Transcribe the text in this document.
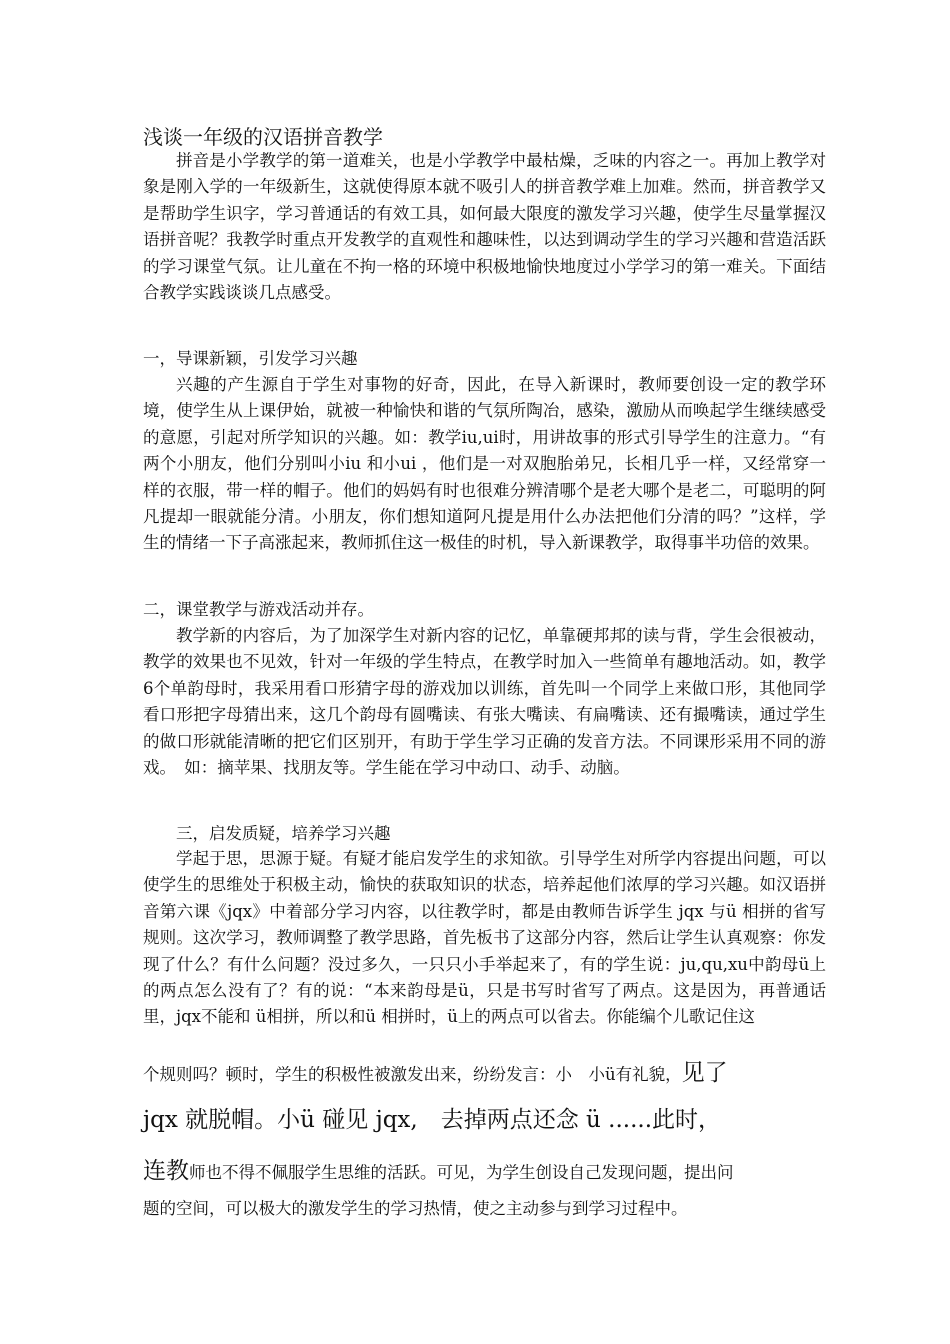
浅谈一年级的汉语拼音教学

拼音是小学教学的第一道难关，也是小学教学中最枯燥，乏味的内容之一。再加上教学对象是刚入学的一年级新生，这就使得原本就不吸引人的拼音教学难上加难。然而，拼音教学又是帮助学生识字，学习普通话的有效工具，如何最大限度的激发学习兴趣，使学生尽量掌握汉语拼音呢？我教学时重点开发教学的直观性和趣味性，以达到调动学生的学习兴趣和营造活跃的学习课堂气氛。让儿童在不拘一格的环境中积极地愉快地度过小学学习的第一难关。下面结合教学实践谈谈几点感受。

一，导课新颖，引发学习兴趣

兴趣的产生源自于学生对事物的好奇，因此，在导入新课时，教师要创设一定的教学环境，使学生从上课伊始，就被一种愉快和谐的气氛所陶冶，感染，激励从而唤起学生继续感受的意愿，引起对所学知识的兴趣。如：教学iu,ui时，用讲故事的形式引导学生的注意力。“有两个小朋友，他们分别叫小iu 和小ui ，他们是一对双胞胎弟兄，长相几乎一样，又经常穿一样的衣服，带一样的帽子。他们的妈妈有时也很难分辨清哪个是老大哪个是老二，可聪明的阿凡提却一眼就能分清。小朋友，你们想知道阿凡提是用什么办法把他们分清的吗？”这样，学生的情绪一下子高涨起来，教师抓住这一极佳的时机，导入新课教学，取得事半功倍的效果。

二，课堂教学与游戏活动并存。

教学新的内容后，为了加深学生对新内容的记忆，单靠硬邦邦的读与背，学生会很被动，教学的效果也不见效，针对一年级的学生特点，在教学时加入一些简单有趣地活动。如，教学6个单韵母时，我采用看口形猜字母的游戏加以训练，首先叫一个同学上来做口形，其他同学看口形把字母猜出来，这几个韵母有圆嘴读、有张大嘴读、有扁嘴读、还有撮嘴读，通过学生的做口形就能清晰的把它们区别开，有助于学生学习正确的发音方法。不同课形采用不同的游戏。　如：摘苹果、找朋友等。学生能在学习中动口、动手、动脑。

三，启发质疑，培养学习兴趣

学起于思，思源于疑。有疑才能启发学生的求知欲。引导学生对所学内容提出问题，可以使学生的思维处于积极主动，愉快的获取知识的状态，培养起他们浓厚的学习兴趣。如汉语拼音第六课《jqx》中着部分学习内容，以往教学时，都是由教师告诉学生 jqx 与ü 相拼的省写规则。这次学习，教师调整了教学思路，首先板书了这部分内容，然后让学生认真观察：你发现了什么？有什么问题？没过多久，一只只小手举起来了，有的学生说：ju,qu,xu中韵母ü上的两点怎么没有了？有的说：“本来韵母是ü，只是书写时省写了两点。这是因为，再普通话里，jqx不能和 ü相拼，所以和ü 相拼时，ü上的两点可以省去。你能编个儿歌记住这

个规则吗？顿时，学生的积极性被激发出来，纷纷发言：小　小ü有礼貌，见了
jqx 就脱帽。小ü 碰见 jqx,　去掉两点还念 ü ......此时，
连教师也不得不佩服学生思维的活跃。可见，为学生创设自己发现问题，提出问
题的空间，可以极大的激发学生的学习热情，使之主动参与到学习过程中。
